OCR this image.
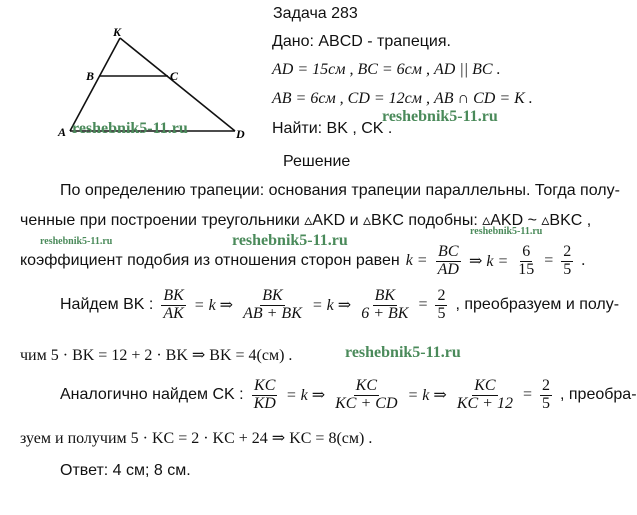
K
B	C
A	D
Задача 283
Дано: ABCD - трапеция.
AD = 15см , BC = 6см , AD || BC .
AB = 6см , CD = 12см , AB ∩ CD = K .
Найти: BK , CK .
reshebnik5-11.ru
reshebnik5-11.ru
Решение
По определению трапеции: основания трапеции параллельны. Тогда полу-
ченные при построении треугольники ▵AKD и ▵BKC подобны: ▵AKD ~ ▵BKC ,
reshebnik5-11.ru	reshebnik5-11.ru
reshebnik5-11.ru
коэффициент подобия из отношения сторон равен $k = \frac{BC}{AD}$ ⇒ $k = \frac{6}{15} = \frac{2}{5}$ .
Найдем BK : $\frac{BK}{AK} = k$ ⇒ $\frac{BK}{AB + BK} = k$ ⇒ $\frac{BK}{6 + BK} = \frac{2}{5}$ , преобразуем и полу-
чим 5 · BK = 12 + 2 · BK ⇒ BK = 4(см) .	reshebnik5-11.ru
Аналогично найдем CK : $\frac{KC}{KD} = k$ ⇒ $\frac{KC}{KC + CD} = k$ ⇒ $\frac{KC}{KC + 12} = \frac{2}{5}$ , преобра-
зуем и получим 5 · KC = 2 · KC + 24 ⇒ KC = 8(см) .
Ответ: 4 см; 8 см.
